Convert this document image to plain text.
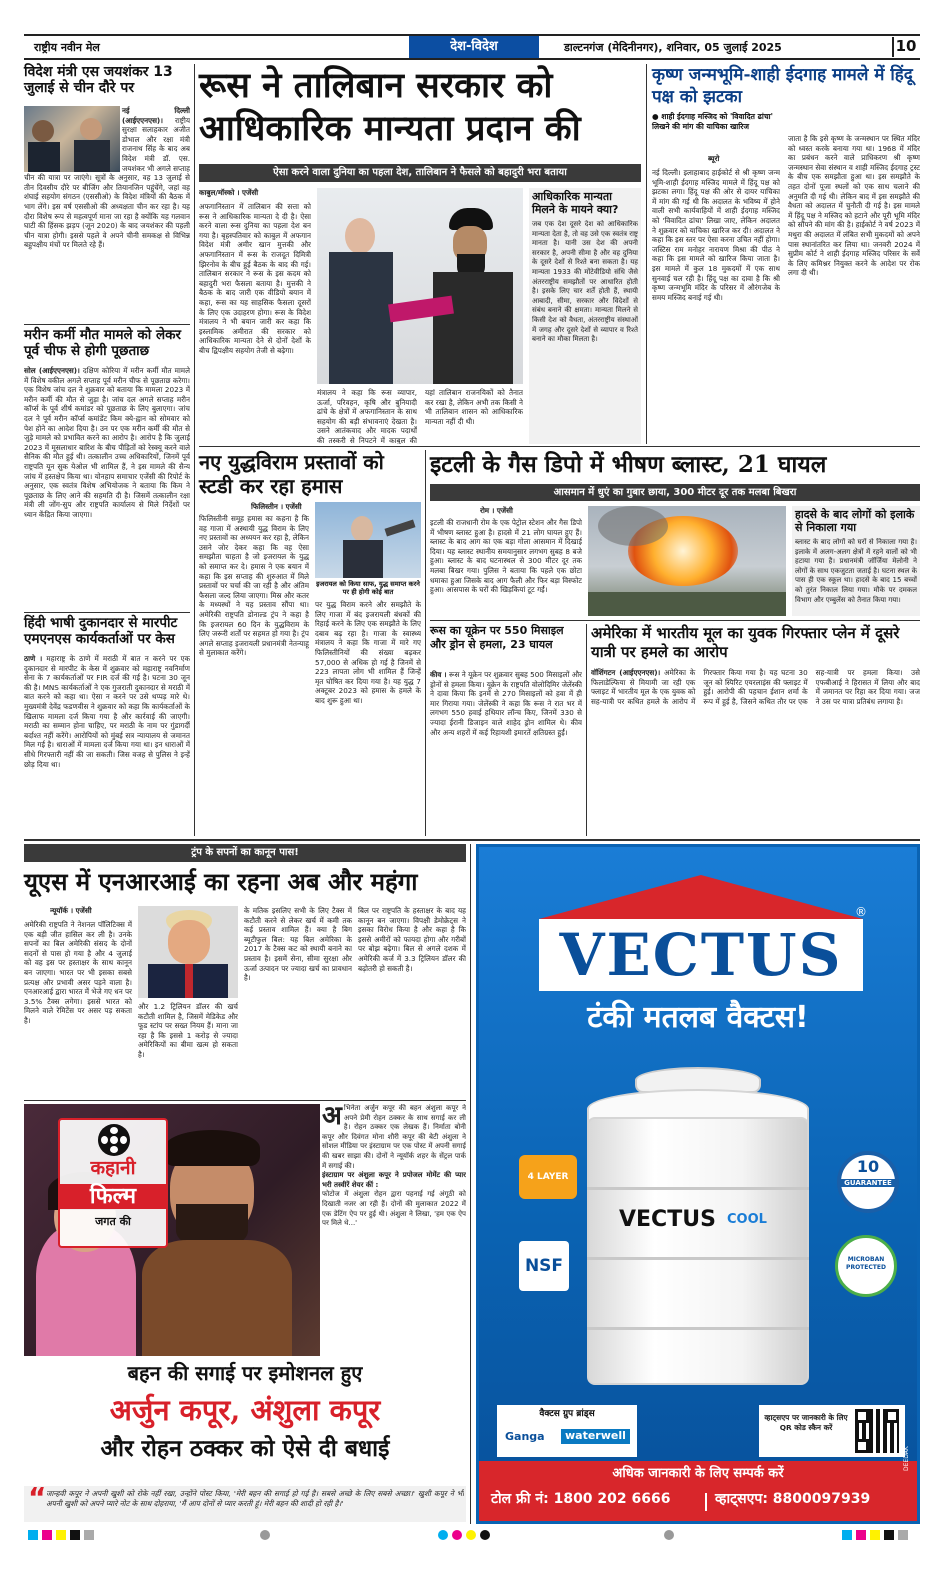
राष्ट्रीय नवीन मेल	देश-विदेश	डाल्टनगंज (मेदिनीनगर), शनिवार, 05 जुलाई 2025	10
विदेश मंत्री एस जयशंकर 13 जुलाई से चीन दौरे पर
नई दिल्ली (आईएएनएस)। राष्ट्रीय सुरक्षा सलाहकार अजीत डोभाल और रक्षा मंत्री राजनाथ सिंह के बाद अब विदेश मंत्री डॉ. एस. जयशंकर भी अगले सप्ताह चीन की यात्रा पर जाएंगे। सूत्रों के अनुसार, वह 13 जुलाई से तीन दिवसीय दौरे पर बीजिंग और तियानजिन पहुंचेंगे, जहां वह शंघाई सहयोग संगठन (एससीओ) के विदेश मंत्रियों की बैठक में भाग लेंगे। इस वर्ष एससीओ की अध्यक्षता चीन कर रहा है। यह दौरा विशेष रूप से महत्वपूर्ण माना जा रहा है क्योंकि यह गलवान घाटी की हिंसक झड़प (जून 2020) के बाद जयशंकर की पहली चीन यात्रा होगी। इससे पहले वे अपने चीनी समकक्ष से विभिन्न बहुपक्षीय मंचों पर मिलते रहे हैं।
मरीन कर्मी मौत मामले को लेकर पूर्व चीफ से होगी पूछताछ
सोल (आईएएनएस)। दक्षिण कोरिया में मरीन कर्मी मौत मामले में विशेष वकील अगले सप्ताह पूर्व मरीन चीफ से पूछताछ करेगा। एक विशेष जांच दल ने शुक्रवार को बताया कि मामला 2023 में मरीन कर्मी की मौत से जुड़ा है। जांच दल अगले सप्ताह मरीन कॉर्प्स के पूर्व शीर्ष कमांडर को पूछताछ के लिए बुलाएगा। जांच दल ने पूर्व मरीन कॉर्प्स कमांडेंट किम क्ये-ह्वान को सोमवार को पेश होने का आदेश दिया है। उन पर एक मरीन कर्मी की मौत से जुड़े मामले को प्रभावित करने का आरोप है। आरोप है कि जुलाई 2023 में मूसलाधार बारिश के बीच पीड़ितों को रेस्क्यू करने वाले सैनिक की मौत हुई थी। तत्कालीन उच्च अधिकारियों, जिनमें पूर्व राष्ट्रपति यून सुक येओल भी शामिल हैं, ने इस मामले की सैन्य जांच में हस्तक्षेप किया था। योनहाप समाचार एजेंसी की रिपोर्ट के अनुसार, एक स्वतंत्र विशेष अभियोजक ने बताया कि किम ने पूछताछ के लिए आने की सहमति दी है। जिसमें तत्कालीन रक्षा मंत्री ली जोंग-सुप और राष्ट्रपति कार्यालय से मिले निर्देशों पर ध्यान केंद्रित किया जाएगा।
हिंदी भाषी दुकानदार से मारपीट एमएनएस कार्यकर्ताओं पर केस
ठाणे । महाराष्ट्र के ठाणे में मराठी में बात न करने पर एक दुकानदार से मारपीट के केस में शुक्रवार को महाराष्ट्र नवनिर्माण सेना के 7 कार्यकर्ताओं पर FIR दर्ज की गई है। घटना 30 जून की है। MNS कार्यकर्ताओं ने एक गुजराती दुकानदार से मराठी में बात करने को कहा था। ऐसा न करने पर उसे थप्पड़ मारे थे। मुख्यमंत्री देवेंद्र फडणवीस ने शुक्रवार को कहा कि कार्यकर्ताओं के खिलाफ मामला दर्ज किया गया है और कार्रवाई की जाएगी। मराठी का सम्मान होना चाहिए, पर मराठी के नाम पर गुंडागर्दी बर्दाश्त नहीं करेंगे। आरोपियों को मुंबई सत्र न्यायालय से जमानत मिल गई है। धाराओं में मामला दर्ज किया गया था। इन धाराओं में सीधे गिरफ्तारी नहीं की जा सकती। जिस वजह से पुलिस ने इन्हें छोड़ दिया था।
रूस ने तालिबान सरकार को आधिकारिक मान्यता प्रदान की
ऐसा करने वाला दुनिया का पहला देश, तालिबान ने फैसले को बहादुरी भरा बताया
काबुल/मॉस्को । एजेंसी
अफगानिस्तान में तालिबान की सत्ता को रूस ने आधिकारिक मान्यता दे दी है। ऐसा करने वाला रूस दुनिया का पहला देश बन गया है। बृहस्पतिवार को काबुल में अफगान विदेश मंत्री अमीर खान मुत्तकी और अफगानिस्तान में रूस के राजदूत दिमित्री झिरनोव के बीच हुई बैठक के बाद की गई। तालिबान सरकार ने रूस के इस कदम को बहादुरी भरा फैसला बताया है। मुत्तकी ने बैठक के बाद जारी एक वीडियो बयान में कहा, रूस का यह साहसिक फैसला दूसरों के लिए एक उदाहरण होगा। रूस के विदेश मंत्रालय ने भी बयान जारी कर कहा कि इस्लामिक अमीरात की सरकार को आधिकारिक मान्यता देने से दोनों देशों के बीच द्विपक्षीय सहयोग तेजी से बढ़ेगा।
मंत्रालय ने कहा कि रूस व्यापार, ऊर्जा, परिवहन, कृषि और बुनियादी ढांचे के क्षेत्रों में अफगानिस्तान के साथ सहयोग की बड़ी संभावनाएं देखता है। उसने आतंकवाद और मादक पदार्थों की तस्करी से निपटने में काबुल की
यहां तालिबान राजनयिकों को तैनात कर रखा है, लेकिन अभी तक किसी ने भी तालिबान शासन को आधिकारिक मान्यता नहीं दी थी।
आधिकारिक मान्यता मिलने के मायने क्या?
जब एक देश दूसरे देश को आधिकारिक मान्यता देता है, तो वह उसे एक स्वतंत्र राष्ट्र मानता है। यानी उस देश की अपनी सरकार है, अपनी सीमा है और वह दुनिया के दूसरे देशों से रिश्ते बना सकता है। यह मान्यता 1933 की मोंटेवीडियो संधि जैसे अंतरराष्ट्रीय समझौतों पर आधारित होती है। इसके लिए चार शर्तें होती हैं, स्थायी आबादी, सीमा, सरकार और विदेशों से संबंध बनाने की क्षमता। मान्यता मिलने से किसी देश को वैधता, अंतरराष्ट्रीय संस्थाओं में जगह और दूसरे देशों से व्यापार व रिश्ते बनाने का मौका मिलता है।
कृष्ण जन्मभूमि-शाही ईदगाह मामले में हिंदू पक्ष को झटका
● शाही ईदगाह मस्जिद को 'विवादित ढांचा' लिखने की मांग की याचिका खारिज
ब्यूरो
नई दिल्ली। इलाहाबाद हाईकोर्ट से श्री कृष्ण जन्म भूमि-शाही ईदगाह मस्जिद मामले में हिंदू पक्ष को झटका लगा। हिंदू पक्ष की ओर से दायर याचिका में मांग की गई थी कि अदालत के भविष्य में होने वाली सभी कार्यवाहियों में शाही ईदगाह मस्जिद को 'विवादित ढांचा' लिखा जाए, लेकिन अदालत ने शुक्रवार को याचिका खारिज कर दी। अदालत ने कहा कि इस स्तर पर ऐसा करना उचित नहीं होगा। जस्टिस राम मनोहर नारायण मिश्रा की पीठ ने कहा कि इस मामले को खारिज किया जाता है। इस मामले में कुल 18 मुकदमों में एक साथ सुनवाई चल रही है। हिंदू पक्ष का दावा है कि श्री कृष्ण जन्मभूमि मंदिर के परिसर में औरंगजेब के समय मस्जिद बनाई गई थी।
जाता है कि इसे कृष्ण के जन्मस्थान पर स्थित मंदिर को ध्वस्त करके बनाया गया था। 1968 में मंदिर का प्रबंधन करने वाले प्राधिकरण श्री कृष्ण जन्मस्थान सेवा संस्थान व शाही मस्जिद ईदगाह ट्रस्ट के बीच एक समझौता हुआ था। इस समझौते के तहत दोनों पूजा स्थलों को एक साथ चलाने की अनुमति दी गई थी। लेकिन बाद में इस समझौते की वैधता को अदालत में चुनौती दी गई है। इस मामले में हिंदू पक्ष ने मस्जिद को हटाने और पूरी भूमि मंदिर को सौंपने की मांग की है। हाईकोर्ट ने वर्ष 2023 में मथुरा की अदालत में लंबित सभी मुकदमों को अपने पास स्थानांतरित कर लिया था। जनवरी 2024 में सुप्रीम कोर्ट ने शाही ईदगाह मस्जिद परिसर के सर्वे के लिए कमिश्नर नियुक्त करने के आदेश पर रोक लगा दी थी।
नए युद्धविराम प्रस्तावों को स्टडी कर रहा हमास
फिलिस्तीन । एजेंसी
फिलिस्तीनी समूह हमास का कहना है कि वह गाजा में अस्थायी युद्ध विराम के लिए नए प्रस्तावों का अध्ययन कर रहा है, लेकिन उसने जोर देकर कहा कि वह ऐसा समझौता चाहता है जो इजरायल के युद्ध को समाप्त कर दे। हमास ने एक बयान में कहा कि इस सप्ताह की शुरुआत में मिले प्रस्तावों पर चर्चा की जा रही है और अंतिम फैसला जल्द लिया जाएगा। मिस्र और कतर के मध्यस्थों ने यह प्रस्ताव सौंपा था। अमेरिकी राष्ट्रपति डोनाल्ड ट्रंप ने कहा है कि इजरायल 60 दिन के युद्धविराम के लिए जरूरी शर्तों पर सहमत हो गया है। ट्रंप अगले सप्ताह इजरायली प्रधानमंत्री नेतन्याहू से मुलाकात करेंगे।
इजरायल को किया साफ, युद्ध समाप्त करने पर ही होगी कोई बात
पर युद्ध विराम करने और समझौते के लिए गाजा में बंद इजरायली बंधकों की रिहाई करने के लिए एक समझौते के लिए दबाव बढ़ रहा है। गाजा के स्वास्थ्य मंत्रालय ने कहा कि गाजा में मारे गए फिलिस्तीनियों की संख्या बढ़कर 57,000 से अधिक हो गई है जिनमें से 223 लापता लोग भी शामिल हैं जिन्हें मृत घोषित कर दिया गया है। यह युद्ध 7 अक्टूबर 2023 को हमास के हमले के बाद शुरू हुआ था।
इटली के गैस डिपो में भीषण ब्लास्ट, 21 घायल
आसमान में धुएं का गुबार छाया, 300 मीटर दूर तक मलबा बिखरा
रोम । एजेंसी
इटली की राजधानी रोम के एक पेट्रोल स्टेशन और गैस डिपो में भीषण ब्लास्ट हुआ है। हादसे में 21 लोग घायल हुए हैं। ब्लास्ट के बाद आग का एक बड़ा गोला आसमान में दिखाई दिया। यह ब्लास्ट स्थानीय समयानुसार लगभग सुबह 8 बजे हुआ। ब्लास्ट के बाद घटनास्थल से 300 मीटर दूर तक मलबा बिखर गया। पुलिस ने बताया कि पहले एक छोटा धमाका हुआ जिसके बाद आग फैली और फिर बड़ा विस्फोट हुआ। आसपास के घरों की खिड़कियां टूट गईं।
हादसे के बाद लोगों को इलाके से निकाला गया
ब्लास्ट के बाद लोगों को घरों से निकाला गया है। इलाके में अलग-अलग क्षेत्रों में रहने वालों को भी हटाया गया है। प्रधानमंत्री जॉर्जिया मेलोनी ने लोगों के साथ एकजुटता जताई है। घटना स्थल के पास ही एक स्कूल था। हादसे के बाद 15 बच्चों को तुरंत निकाल लिया गया। मौके पर दमकल विभाग और एम्बुलेंस को तैनात किया गया।
रूस का यूक्रेन पर 550 मिसाइल और ड्रोन से हमला, 23 घायल
कीव । रूस ने यूक्रेन पर शुक्रवार सुबह 500 मिसाइलों और ड्रोनों से हमला किया। यूक्रेन के राष्ट्रपति वोलोदिमिर जेलेंस्की ने दावा किया कि इनमें से 270 मिसाइलों को हवा में ही मार गिराया गया। जेलेंस्की ने कहा कि रूस ने रात भर में लगभग 550 हवाई हथियार लॉन्च किए, जिनमें 330 से ज्यादा ईरानी डिजाइन वाले शाहेद ड्रोन शामिल थे। कीव और अन्य शहरों में कई रिहायशी इमारतें क्षतिग्रस्त हुईं।
अमेरिका में भारतीय मूल का युवक गिरफ्तार प्लेन में दूसरे यात्री पर हमले का आरोप
वॉशिंगटन (आईएएनएस)। अमेरिका के फिलाडेल्फिया से मियामी जा रही एक फ्लाइट में भारतीय मूल के एक युवक को सह-यात्री पर कथित हमले के आरोप में गिरफ्तार किया गया है। यह घटना 30 जून को स्पिरिट एयरलाइंस की फ्लाइट में हुई। आरोपी की पहचान ईशान शर्मा के रूप में हुई है, जिसने कथित तौर पर एक सह-यात्री पर हमला किया। उसे एफबीआई ने हिरासत में लिया और बाद में जमानत पर रिहा कर दिया गया। जज ने उस पर यात्रा प्रतिबंध लगाया है।
ट्रंप के सपनों का कानून पास!
यूएस में एनआरआई का रहना अब और महंगा
न्यूयॉर्क । एजेंसी
अमेरिकी राष्ट्रपति ने नेशनल पॉलिटिक्स में एक बड़ी जीत हासिल कर ली है। उनके सपनों का बिल अमेरिकी संसद के दोनों सदनों से पास हो गया है और 4 जुलाई को वह इस पर हस्ताक्षर के साथ कानून बन जाएगा। भारत पर भी इसका सबसे प्रत्यक्ष और प्रभावी असर पड़ने वाला है। एनआरआई द्वारा भारत में भेजे गए धन पर 3.5% टैक्स लगेगा। इससे भारत को मिलने वाले रेमिटेंस पर असर पड़ सकता है।
और 1.2 ट्रिलियन डॉलर की खर्च कटौती शामिल है, जिसमें मेडिकेड और फूड स्टांप पर सख्त नियम हैं। माना जा रहा है कि इससे 1 करोड़ से ज्यादा अमेरिकियों का बीमा खत्म हो सकता है।
के मतिक इसलिए सभी के लिए टैक्स में कटौती करने से लेकर खर्च में कमी तक कई प्रस्ताव शामिल हैं। क्या है बिग ब्यूटीफुल बिल: यह बिल अमेरिका के 2017 के टैक्स कट को स्थायी बनाने का प्रस्ताव है। इसमें सेना, सीमा सुरक्षा और ऊर्जा उत्पादन पर ज्यादा खर्च का प्रावधान है।
बिल पर राष्ट्रपति के हस्ताक्षर के बाद यह कानून बन जाएगा। विपक्षी डेमोक्रेट्स ने इसका विरोध किया है और कहा है कि इससे अमीरों को फायदा होगा और गरीबों पर बोझ बढ़ेगा। बिल से अगले दशक में अमेरिकी कर्ज में 3.3 ट्रिलियन डॉलर की बढ़ोतरी हो सकती है।
कहानी
फिल्म
जगत की
अ भिनेता अर्जुन कपूर की बहन अंशुला कपूर ने अपने प्रेमी रोहन ठक्कर के साथ सगाई कर ली है। रोहन ठक्कर एक लेखक हैं। निर्माता बोनी कपूर और दिवंगत मोना शौरी कपूर की बेटी अंशुला ने सोशल मीडिया पर इंस्टाग्राम पर एक पोस्ट में अपनी सगाई की खबर साझा की। दोनों ने न्यूयॉर्क शहर के सेंट्रल पार्क में सगाई की।
इंस्टाग्राम पर अंशुला कपूर ने प्रपोजल मोमेंट की प्यार भरी तस्वीरें शेयर कीं :
फोटोज में अंशुला रोहन द्वारा पहनाई गई अंगूठी को दिखाती नजर आ रही हैं। दोनों की मुलाकात 2022 में एक डेटिंग ऐप पर हुई थी। अंशुला ने लिखा, 'हम एक ऐप पर मिले थे...'
बहन की सगाई पर इमोशनल हुए
अर्जुन कपूर, अंशुला कपूर
और रोहन ठक्कर को ऐसे दी बधाई
“ जान्हवी कपूर ने अपनी खुशी को रोके नहीं रखा, उन्होंने पोस्ट किया, 'मेरी बहन की सगाई हो गई है। सबसे अच्छे के लिए सबसे अच्छा।' खुशी कपूर ने भी अपनी खुशी को अपने प्यारे नोट के साथ दोहराया, 'मैं आप दोनों से प्यार करती हूं। मेरी बहन की शादी हो रही है।'
VECTUS
®
टंकी मतलब वैक्टस!
VECTUS COOL
4 LAYER
10
GUARANTEE
NSF	MICROBAN PROTECTED
वैक्टस ग्रुप ब्रांड्स
Ganga	waterwell
व्हाट्सएप पर जानकारी के लिए QR कोड स्कैन करें
अधिक जानकारी के लिए सम्पर्क करें
टोल फ्री नं: 1800 202 6666	व्हाट्सएप: 8800097939
DEEDAK
